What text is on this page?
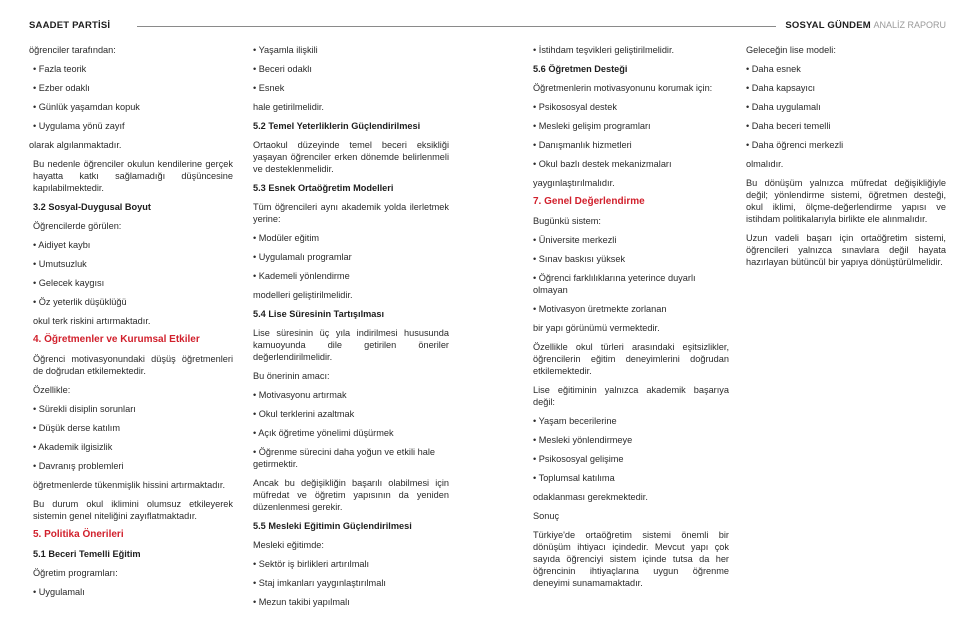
SAADET PARTİSİ	SOSYAL GÜNDEM ANALİZ RAPORU
öğrenciler tarafından:
• Fazla teorik
• Ezber odaklı
• Günlük yaşamdan kopuk
• Uygulama yönü zayıf
olarak algılanmaktadır.
Bu nedenle öğrenciler okulun kendilerine gerçek hayatta katkı sağlamadığı düşüncesine kapılabilmektedir.
3.2 Sosyal-Duygusal Boyut
Öğrencilerde görülen:
• Aidiyet kaybı
• Umutsuzluk
• Gelecek kaygısı
• Öz yeterlik düşüklüğü
okul terk riskini artırmaktadır.
4. Öğretmenler ve Kurumsal Etkiler
Öğrenci motivasyonundaki düşüş öğretmenleri de doğrudan etkilemektedir.
Özellikle:
• Sürekli disiplin sorunları
• Düşük derse katılım
• Akademik ilgisizlik
• Davranış problemleri
öğretmenlerde tükenmişlik hissini artırmaktadır.
Bu durum okul iklimini olumsuz etkileyerek sistemin genel niteliğini zayıflatmaktadır.
5. Politika Önerileri
5.1 Beceri Temelli Eğitim
Öğretim programları:
• Uygulamalı
• Yaşamla ilişkili
• Beceri odaklı
• Esnek
hale getirilmelidir.
5.2 Temel Yeterliklerin Güçlendirilmesi
Ortaokul düzeyinde temel beceri eksikliği yaşayan öğrenciler erken dönemde belirlenmeli ve desteklenmelidir.
5.3 Esnek Ortaöğretim Modelleri
Tüm öğrencileri aynı akademik yolda ilerletmek yerine:
• Modüler eğitim
• Uygulamalı programlar
• Kademeli yönlendirme
modelleri geliştirilmelidir.
5.4 Lise Süresinin Tartışılması
Lise süresinin üç yıla indirilmesi hususunda kamuoyunda dile getirilen öneriler değerlendirilmelidir.
Bu önerinin amacı:
• Motivasyonu artırmak
• Okul terklerini azaltmak
• Açık öğretime yönelimi düşürmek
• Öğrenme sürecini daha yoğun ve etkili hale getirmektir.
Ancak bu değişikliğin başarılı olabilmesi için müfredat ve öğretim yapısının da yeniden düzenlenmesi gerekir.
5.5 Mesleki Eğitimin Güçlendirilmesi
Mesleki eğitimde:
• Sektör iş birlikleri artırılmalı
• Staj imkanları yaygınlaştırılmalı
• Mezun takibi yapılmalı
• İstihdam teşvikleri geliştirilmelidir.
5.6 Öğretmen Desteği
Öğretmenlerin motivasyonunu korumak için:
• Psikososyal destek
• Mesleki gelişim programları
• Danışmanlık hizmetleri
• Okul bazlı destek mekanizmaları
yaygınlaştırılmalıdır.
7. Genel Değerlendirme
Bugünkü sistem:
• Üniversite merkezli
• Sınav baskısı yüksek
• Öğrenci farklılıklarına yeterince duyarlı olmayan
• Motivasyon üretmekte zorlanan
bir yapı görünümü vermektedir.
Özellikle okul türleri arasındaki eşitsizlikler, öğrencilerin eğitim deneyimlerini doğrudan etkilemektedir.
Lise eğitiminin yalnızca akademik başarıya değil:
• Yaşam becerilerine
• Mesleki yönlendirmeye
• Psikososyal gelişime
• Toplumsal katılıma
odaklanması gerekmektedir.
Sonuç
Türkiye'de ortaöğretim sistemi önemli bir dönüşüm ihtiyacı içindedir. Mevcut yapı çok sayıda öğrenciyi sistem içinde tutsa da her öğrencinin ihtiyaçlarına uygun öğrenme deneyimi sunamamaktadır.
Geleceğin lise modeli:
• Daha esnek
• Daha kapsayıcı
• Daha uygulamalı
• Daha beceri temelli
• Daha öğrenci merkezli
olmalıdır.
Bu dönüşüm yalnızca müfredat değişikliğiyle değil; yönlendirme sistemi, öğretmen desteği, okul iklimi, ölçme-değerlendirme yapısı ve istihdam politikalarıyla birlikte ele alınmalıdır.
Uzun vadeli başarı için ortaöğretim sistemi, öğrencileri yalnızca sınavlara değil hayata hazırlayan bütüncül bir yapıya dönüştürülmelidir.
